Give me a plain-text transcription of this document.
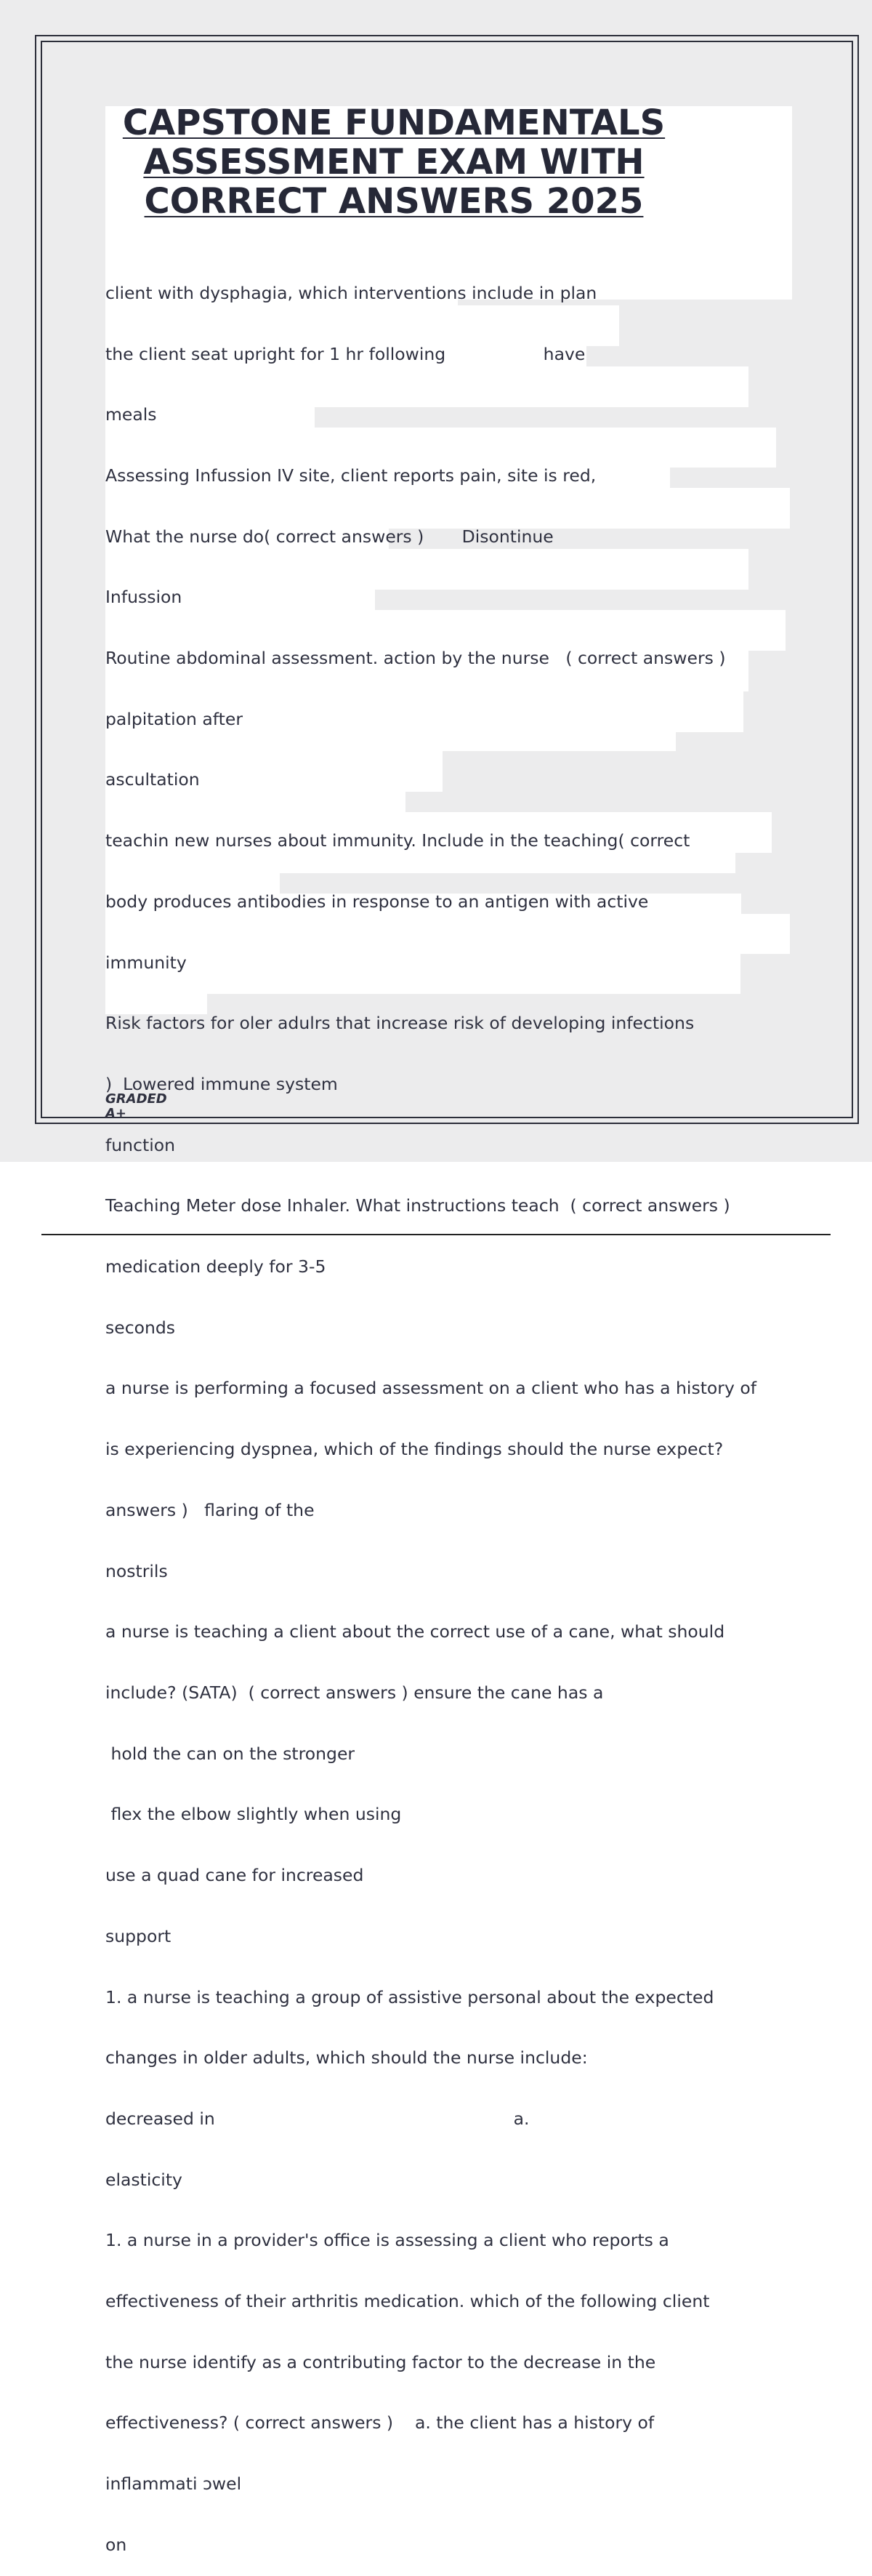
CAPSTONE FUNDAMENTALS
ASSESSMENT EXAM WITH
CORRECT ANSWERS 2025

client with dysphagia, which interventions include in plan

the client seat upright for 1 hr following                  have

meals

Assessing Infussion IV site, client reports pain, site is red,

What the nurse do( correct answers )       Disontinue

Infussion

Routine abdominal assessment. action by the nurse   ( correct answers )

palpitation after

ascultation

teachin new nurses about immunity. Include in the teaching( correct

body produces antibodies in response to an antigen with active

immunity

Risk factors for oler adulrs that increase risk of developing infections

)  Lowered immune system

function

Teaching Meter dose Inhaler. What instructions teach  ( correct answers )

medication deeply for 3-5

seconds

a nurse is performing a focused assessment on a client who has a history of

is experiencing dyspnea, which of the findings should the nurse expect?

answers )   flaring of the

nostrils

a nurse is teaching a client about the correct use of a cane, what should

include? (SATA)  ( correct answers ) ensure the cane has a

hold the can on the stronger

flex the elbow slightly when using

use a quad cane for increased

support

1. a nurse is teaching a group of assistive personal about the expected

changes in older adults, which should the nurse include:

decreased in                                                       a.

elasticity

1. a nurse in a provider's office is assessing a client who reports a

effectiveness of their arthritis medication. which of the following client

the nurse identify as a contributing factor to the decrease in the

effectiveness? ( correct answers )    a. the client has a history of

inflammati ɔwel

on

GRADED
A+
